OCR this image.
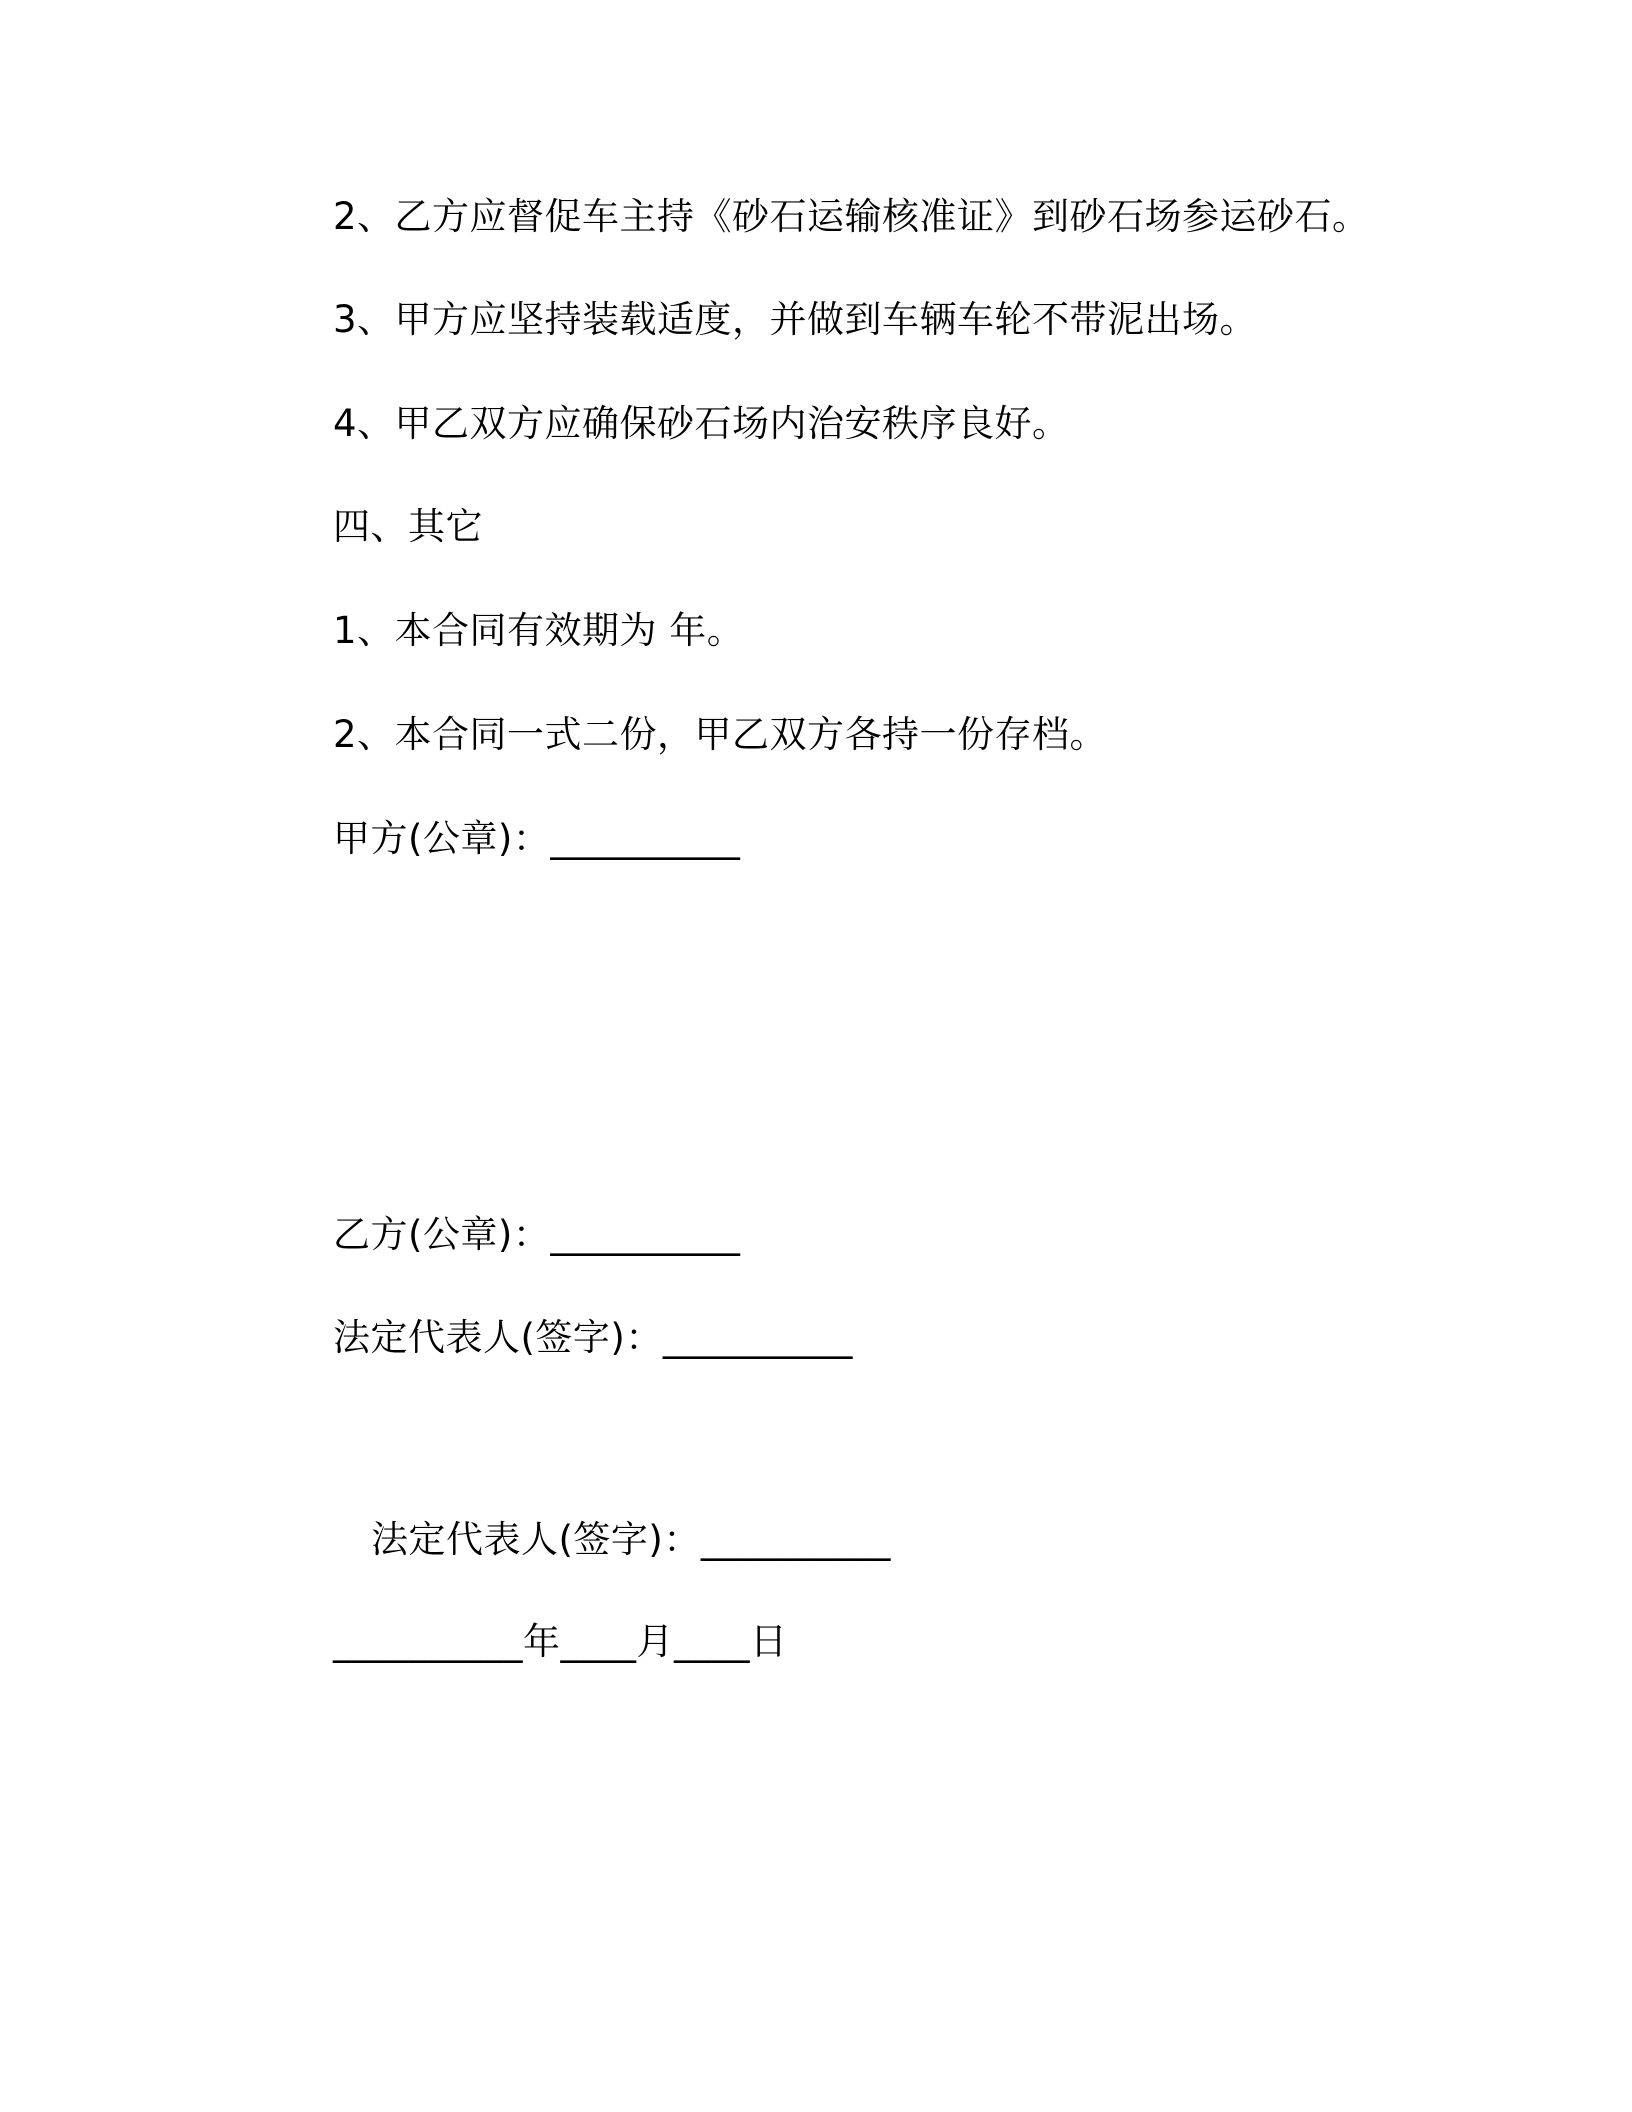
2、乙方应督促车主持《砂石运输核准证》到砂石场参运砂石。
3、甲方应坚持装载适度，并做到车辆车轮不带泥出场。
4、甲乙双方应确保砂石场内治安秩序良好。
四、其它
1、本合同有效期为 年。
2、本合同一式二份，甲乙双方各持一份存档。
甲方(公章)：__________
乙方(公章)：__________
法定代表人(签字)：__________
法定代表人(签字)：__________
__________年____月____日
